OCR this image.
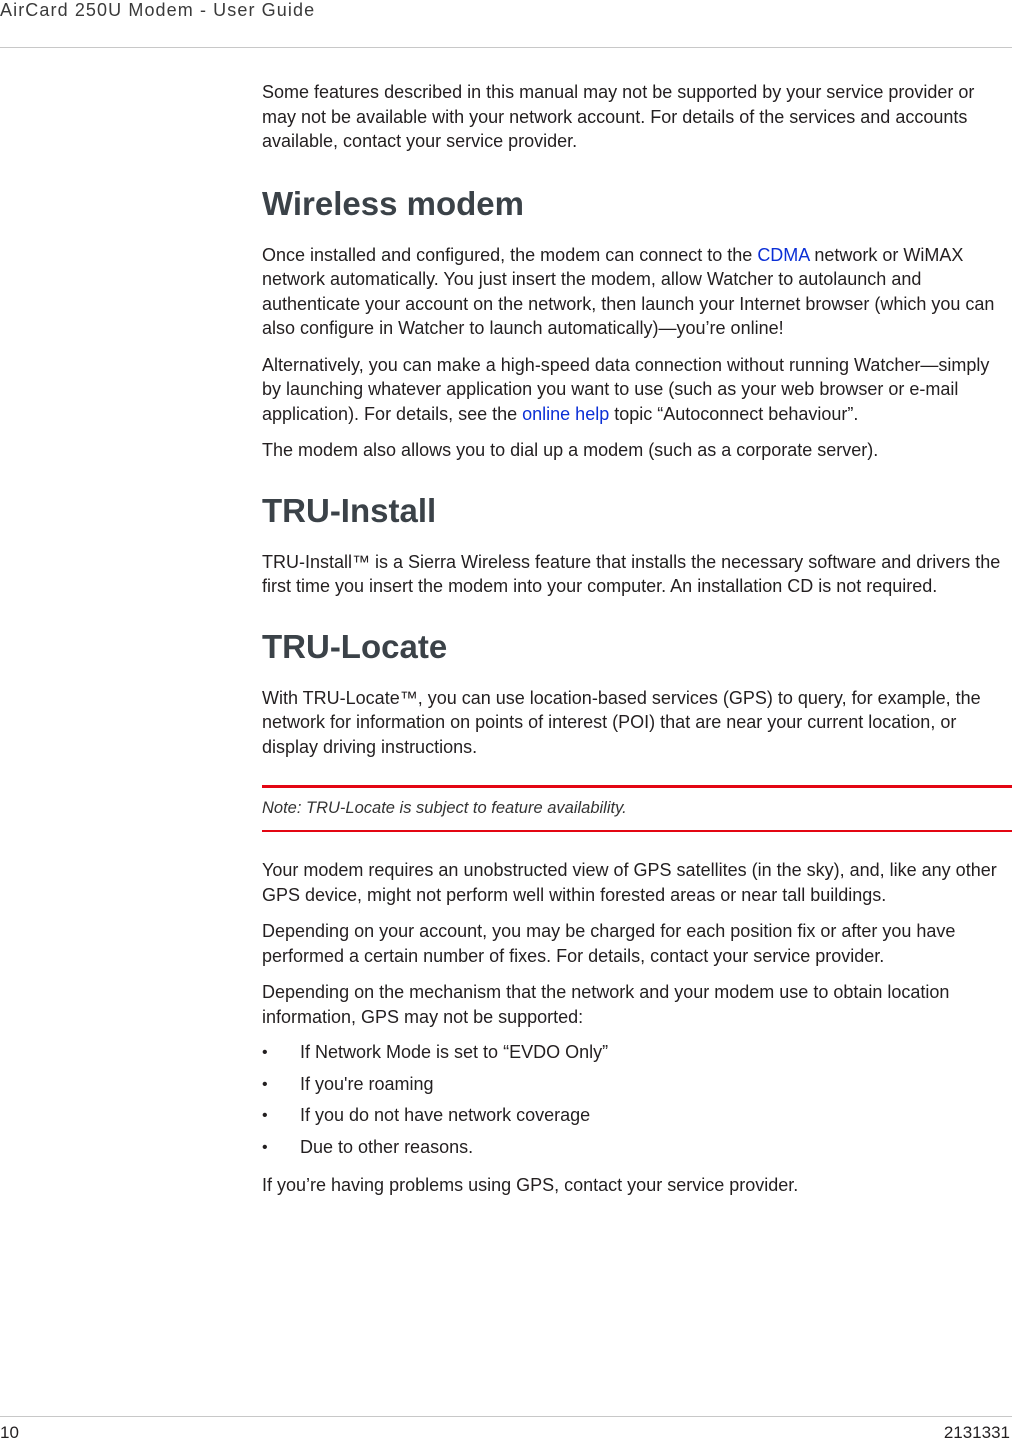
AirCard 250U Modem - User Guide

Some features described in this manual may not be supported by your service provider or may not be available with your network account. For details of the services and accounts available, contact your service provider.

Wireless modem

Once installed and configured, the modem can connect to the CDMA network or WiMAX network automatically. You just insert the modem, allow Watcher to autolaunch and authenticate your account on the network, then launch your Internet browser (which you can also configure in Watcher to launch automatically)—you’re online!

Alternatively, you can make a high-speed data connection without running Watcher—simply by launching whatever application you want to use (such as your web browser or e-mail application). For details, see the online help topic “Autoconnect behaviour”.

The modem also allows you to dial up a modem (such as a corporate server).

TRU-Install

TRU-Install™ is a Sierra Wireless feature that installs the necessary software and drivers the first time you insert the modem into your computer. An installation CD is not required.

TRU-Locate

With TRU-Locate™, you can use location-based services (GPS) to query, for example, the network for information on points of interest (POI) that are near your current location, or display driving instructions.

Note: TRU-Locate is subject to feature availability.

Your modem requires an unobstructed view of GPS satellites (in the sky), and, like any other GPS device, might not perform well within forested areas or near tall buildings.

Depending on your account, you may be charged for each position fix or after you have performed a certain number of fixes. For details, contact your service provider.

Depending on the mechanism that the network and your modem use to obtain location information, GPS may not be supported:

• If Network Mode is set to “EVDO Only”
• If you're roaming
• If you do not have network coverage
• Due to other reasons.

If you’re having problems using GPS, contact your service provider.

10	2131331
